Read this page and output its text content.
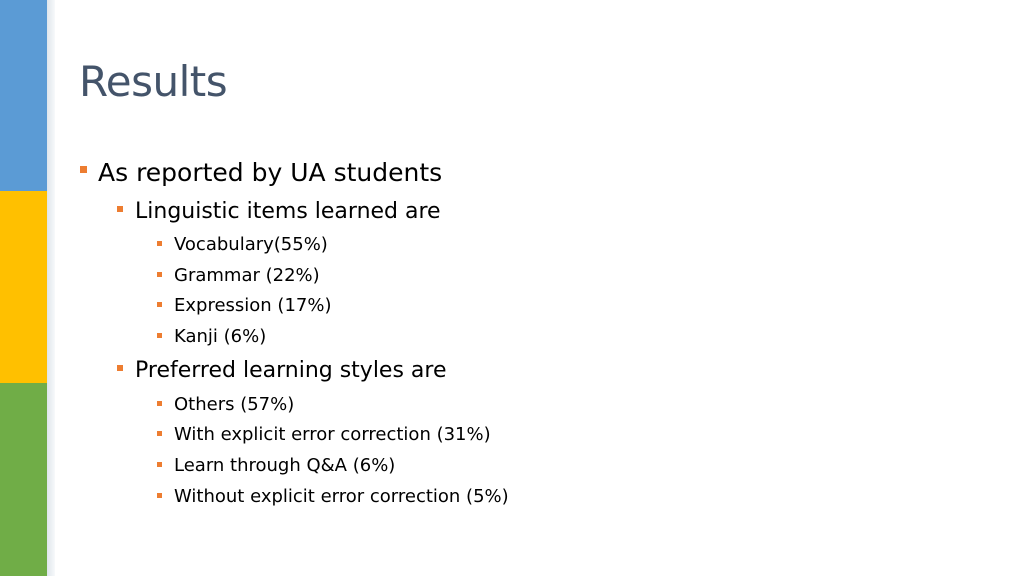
Results
As reported by UA students
Linguistic items learned are
Vocabulary(55%)
Grammar (22%)
Expression (17%)
Kanji (6%)
Preferred learning styles are
Others (57%)
With explicit error correction (31%)
Learn through Q&A (6%)
Without explicit error correction (5%)
